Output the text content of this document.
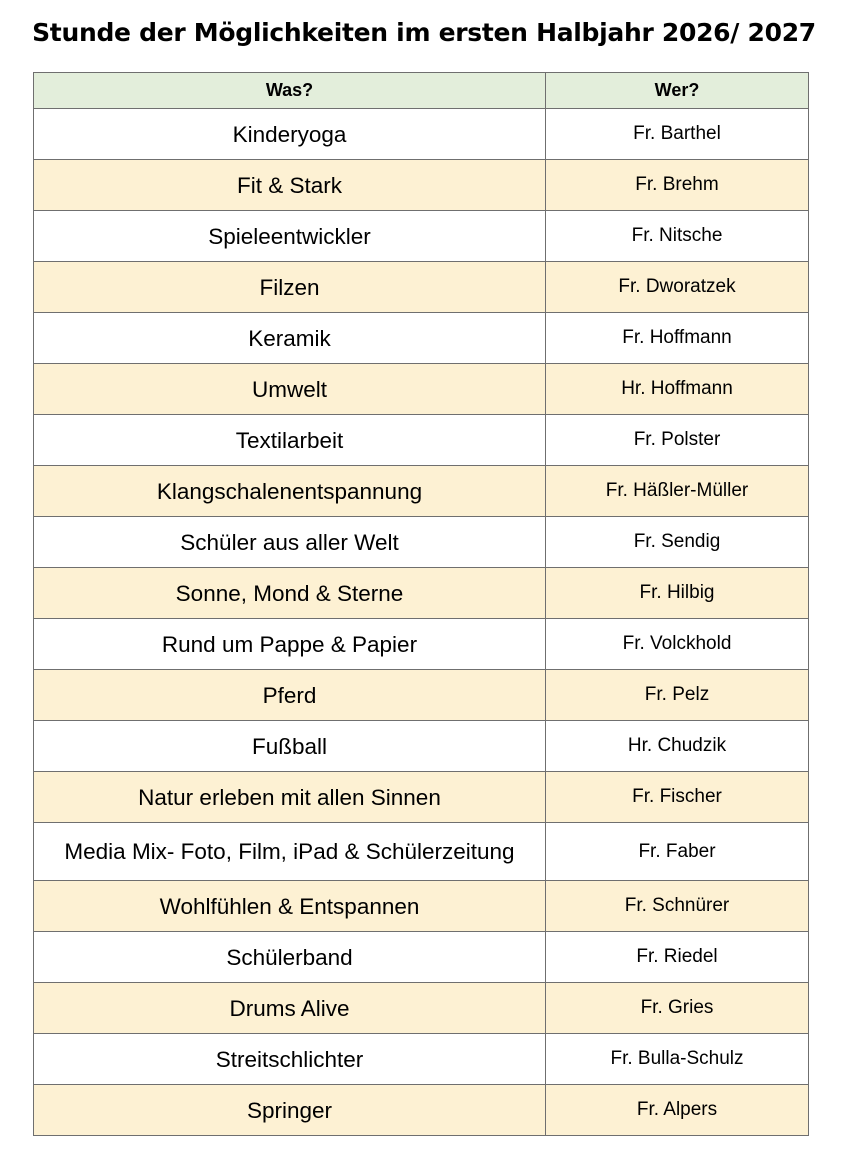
Stunde der Möglichkeiten im ersten Halbjahr 2026/ 2027
Was?	Wer?
Kinderyoga	Fr. Barthel
Fit & Stark	Fr. Brehm
Spieleentwickler	Fr. Nitsche
Filzen	Fr. Dworatzek
Keramik	Fr. Hoffmann
Umwelt	Hr. Hoffmann
Textilarbeit	Fr. Polster
Klangschalenentspannung	Fr. Häßler-Müller
Schüler aus aller Welt	Fr. Sendig
Sonne, Mond & Sterne	Fr. Hilbig
Rund um Pappe & Papier	Fr. Volckhold
Pferd	Fr. Pelz
Fußball	Hr. Chudzik
Natur erleben mit allen Sinnen	Fr. Fischer
Media Mix- Foto, Film, iPad & Schülerzeitung	Fr. Faber
Wohlfühlen & Entspannen	Fr. Schnürer
Schülerband	Fr. Riedel
Drums Alive	Fr. Gries
Streitschlichter	Fr. Bulla-Schulz
Springer	Fr. Alpers
